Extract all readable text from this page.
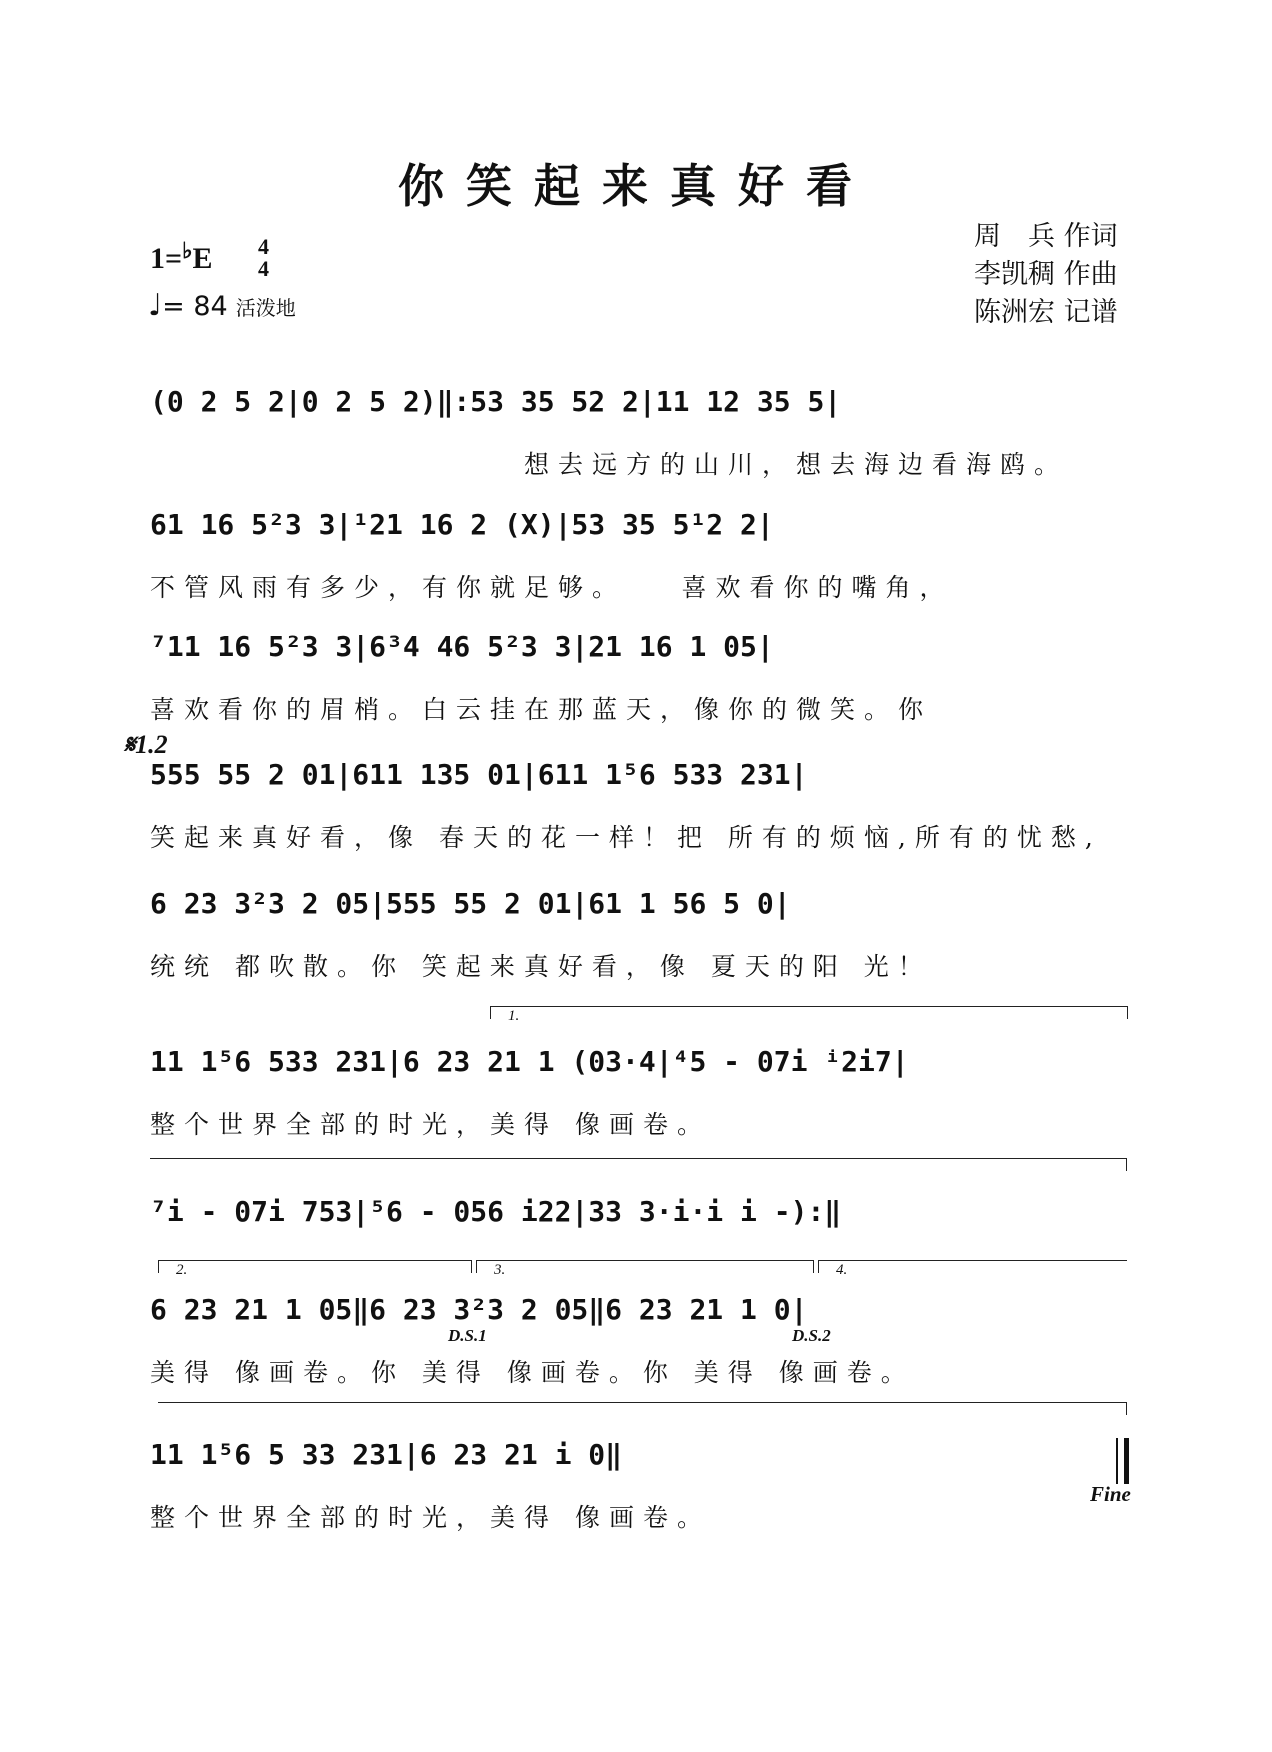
你笑起来真好看
1=♭E 4
4
♩= 84 活泼地
周　兵 作词
李凯稠 作曲
陈洲宏 记谱
(0 2 5 2|0 2 5 2)‖:53 35 52 2|11 12 35 5|
　　　　　　　　　　　想去远方的山川，想去海边看海鸥。
61 16 5²3 3|¹21 16 2 (X)|53 35 5¹2 2|
不管风雨有多少，有你就足够。　　喜欢看你的嘴角，
⁷11 16 5²3 3|6³4 46 5²3 3|21 16 1 05|
喜欢看你的眉梢。白云挂在那蓝天，像你的微笑。你
𝄋1.2
555 55 2 01|611 135 01|611 1⁵6 533 231|
笑起来真好看，像 春天的花一样！把 所有的烦恼,所有的忧愁,
6 23 3²3 2 05|555 55 2 01|61 1 56 5 0|
统统 都吹散。你 笑起来真好看，像 夏天的阳 光！
1.
11 1⁵6 533 231|6 23 21 1 (03·4|⁴5 - 07i ⁱ2i7|
整个世界全部的时光，美得 像画卷。
⁷i - 07i 753|⁵6 - 056 i22|33 3·i·i i -):‖
2.	3.	4.
6 23 21 1 05‖6 23 3²3 2 05‖6 23 21 1 0|
美得 像画卷。你 美得 像画卷。你 美得 像画卷。
D.S.1	D.S.2
11 1⁵6 5 33 231|6 23 21 i 0‖
整个世界全部的时光，美得 像画卷。
Fine
